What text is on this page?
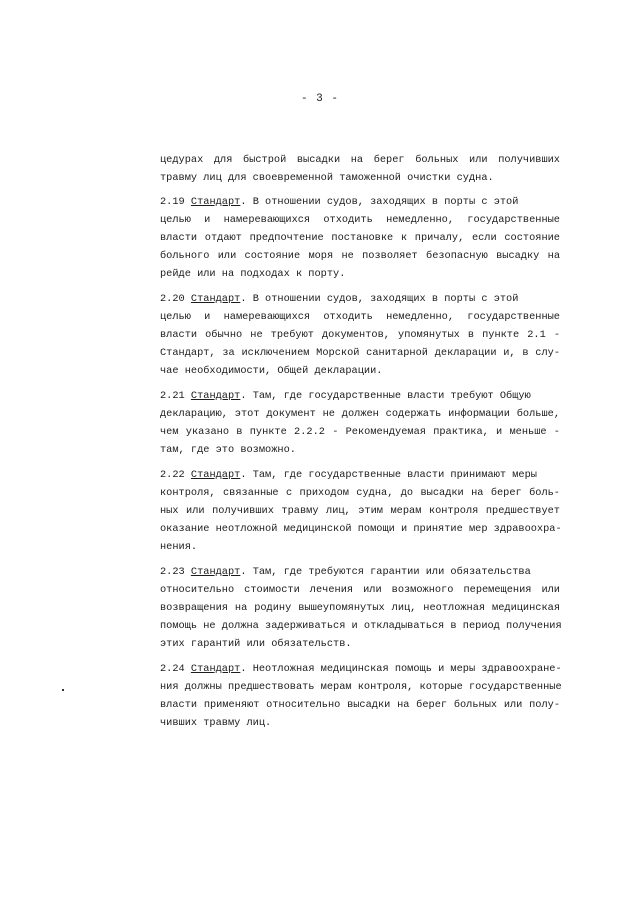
- 3 -
цедурах для быстрой высадки на берег больных или получивших
травму лиц для своевременной таможенной очистки судна.
2.19 Стандарт. В отношении судов, заходящих в порты с этой
целью и намеревающихся отходить немедленно, государственные
власти отдают предпочтение постановке к причалу, если состояние
больного или состояние моря не позволяет безопасную высадку на
рейде или на подходах к порту.
2.20 Стандарт. В отношении судов, заходящих в порты с этой
целью и намеревающихся отходить немедленно, государственные
власти обычно не требуют документов, упомянутых в пункте 2.1 -
Стандарт, за исключением Морской санитарной декларации и, в слу-
чае необходимости, Общей декларации.
2.21 Стандарт. Там, где государственные власти требуют Общую
декларацию, этот документ не должен содержать информации больше,
чем указано в пункте 2.2.2 - Рекомендуемая практика, и меньше -
там, где это возможно.
2.22 Стандарт. Там, где государственные власти принимают меры
контроля, связанные с приходом судна, до высадки на берег боль-
ных или получивших травму лиц, этим мерам контроля предшествует
оказание неотложной медицинской помощи и принятие мер здравоохра-
нения.
2.23 Стандарт. Там, где требуются гарантии или обязательства
относительно стоимости лечения или возможного перемещения или
возвращения на родину вышеупомянутых лиц, неотложная медицинская
помощь не должна задерживаться и откладываться в период получения
этих гарантий или обязательств.
2.24 Стандарт. Неотложная медицинская помощь и меры здравоохране-
ния должны предшествовать мерам контроля, которые государственные
власти применяют относительно высадки на берег больных или полу-
чивших травму лиц.
